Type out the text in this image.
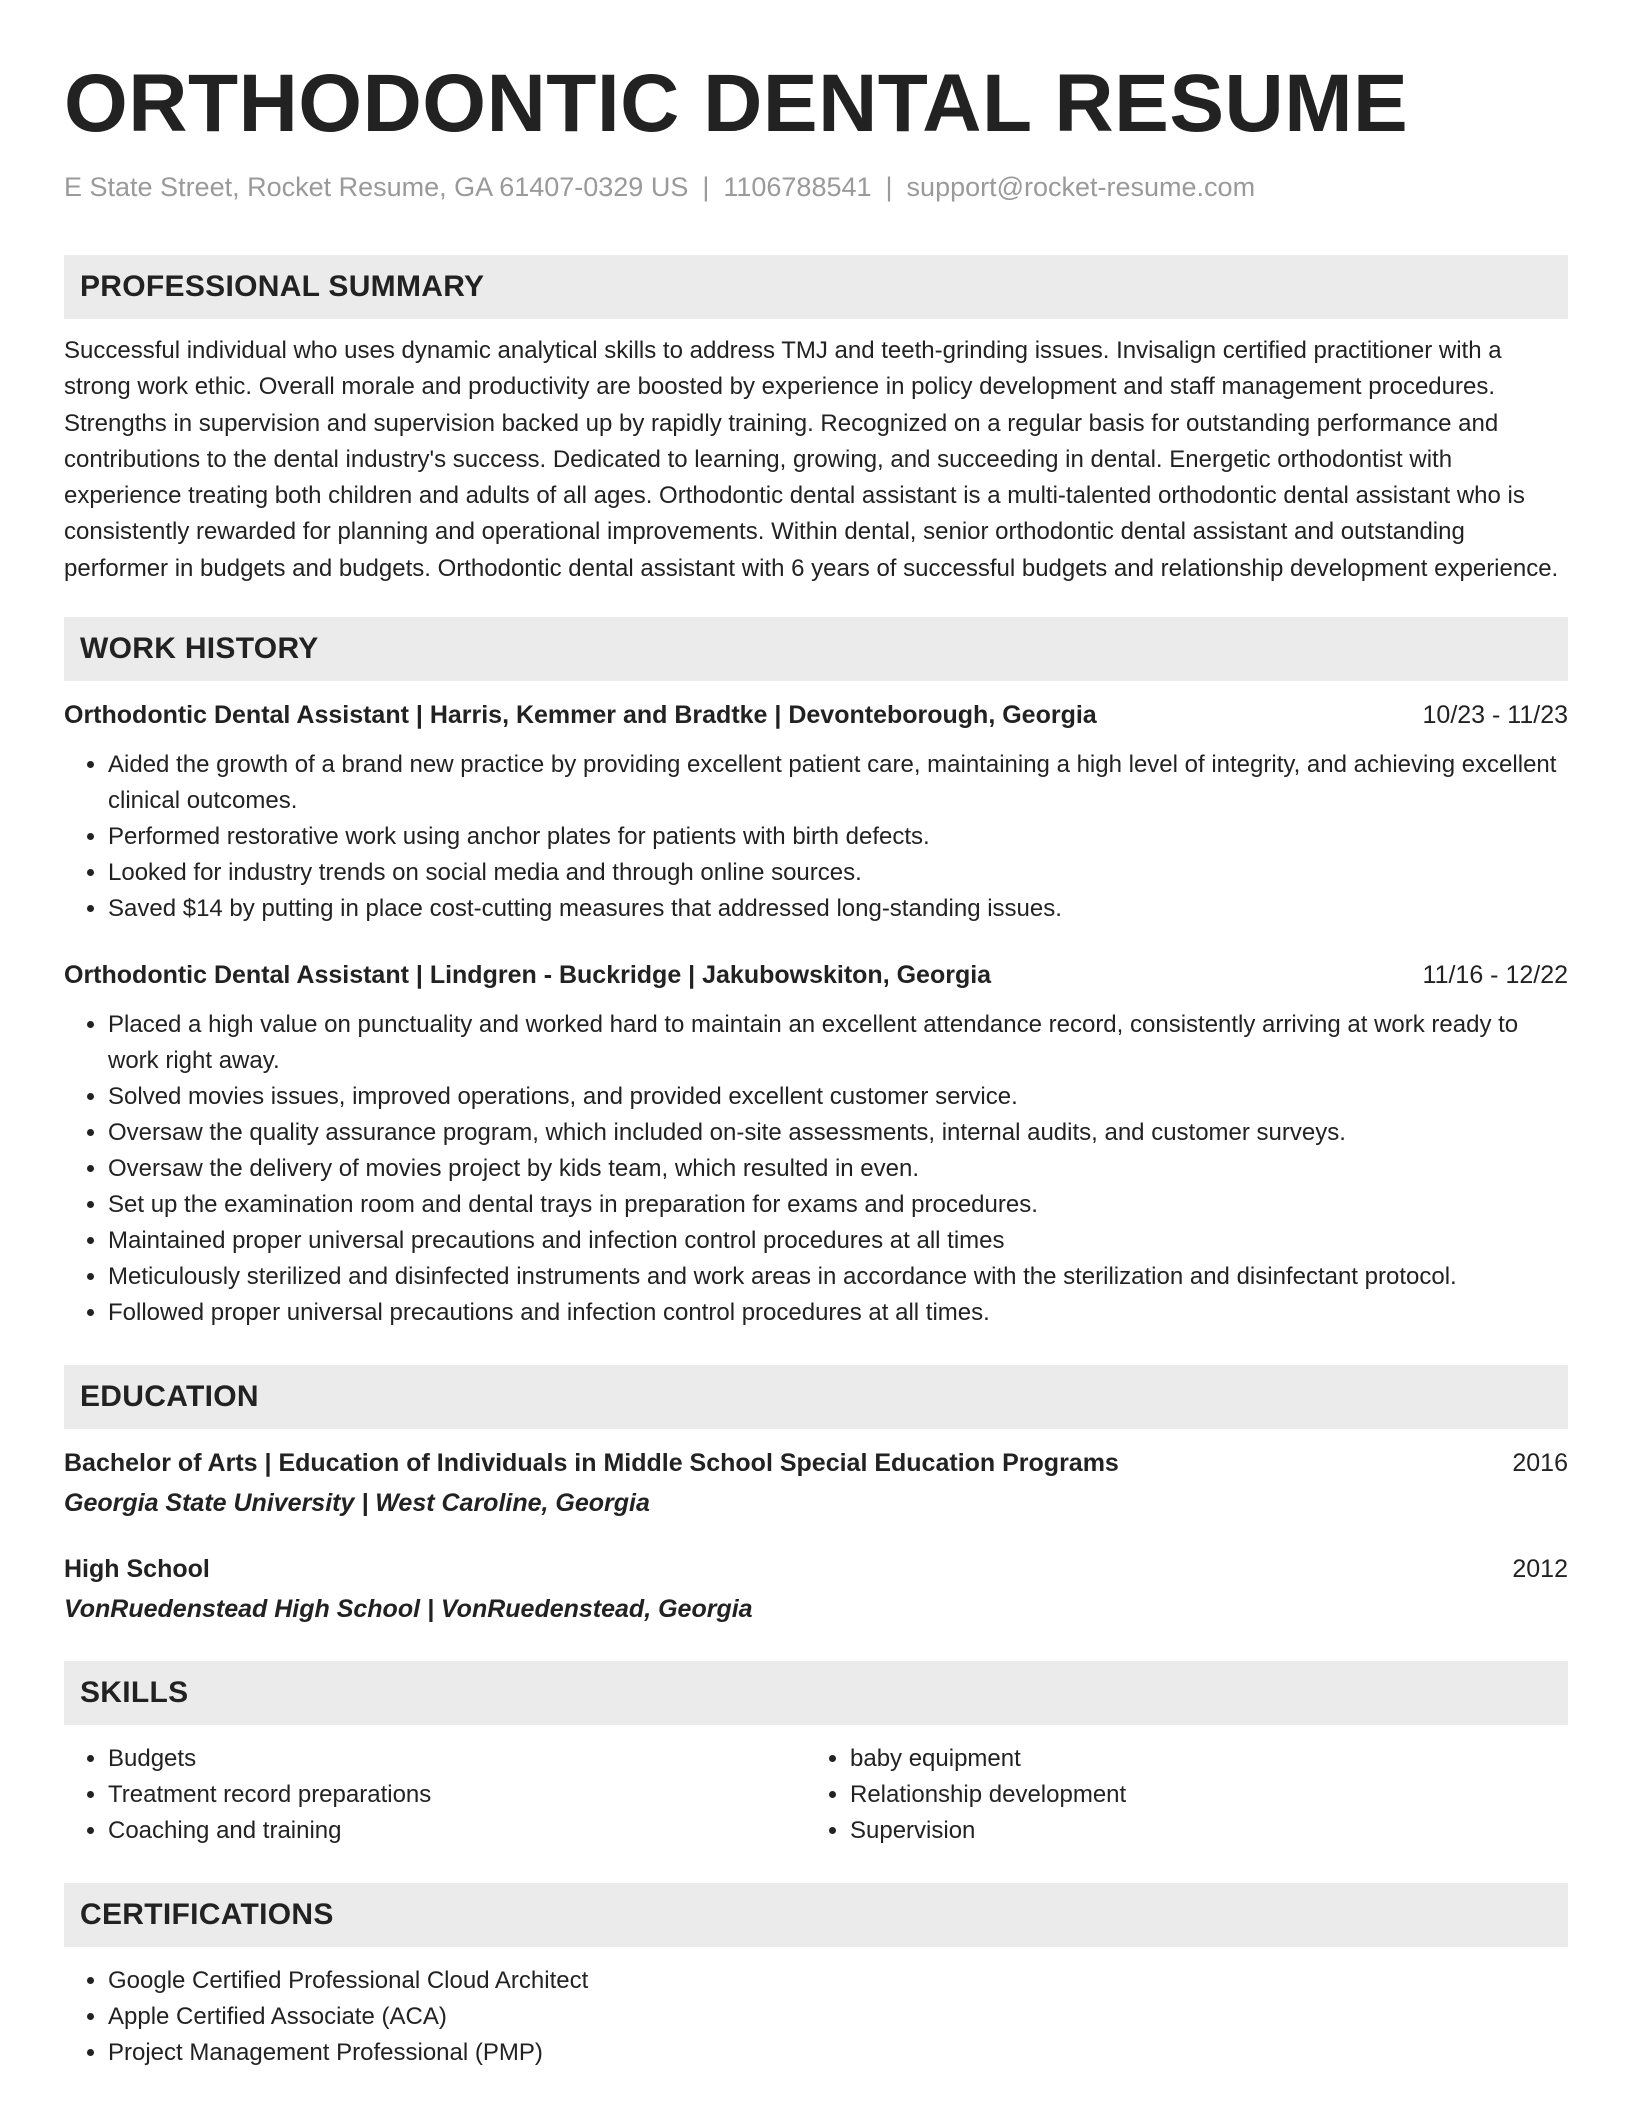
ORTHODONTIC DENTAL RESUME
E State Street, Rocket Resume, GA 61407-0329 US | 1106788541 | support@rocket-resume.com
PROFESSIONAL SUMMARY
Successful individual who uses dynamic analytical skills to address TMJ and teeth-grinding issues. Invisalign certified practitioner with a strong work ethic. Overall morale and productivity are boosted by experience in policy development and staff management procedures. Strengths in supervision and supervision backed up by rapidly training. Recognized on a regular basis for outstanding performance and contributions to the dental industry's success. Dedicated to learning, growing, and succeeding in dental. Energetic orthodontist with experience treating both children and adults of all ages. Orthodontic dental assistant is a multi-talented orthodontic dental assistant who is consistently rewarded for planning and operational improvements. Within dental, senior orthodontic dental assistant and outstanding performer in budgets and budgets. Orthodontic dental assistant with 6 years of successful budgets and relationship development experience.
WORK HISTORY
Orthodontic Dental Assistant | Harris, Kemmer and Bradtke | Devonteborough, Georgia	10/23 - 11/23
• Aided the growth of a brand new practice by providing excellent patient care, maintaining a high level of integrity, and achieving excellent clinical outcomes.
• Performed restorative work using anchor plates for patients with birth defects.
• Looked for industry trends on social media and through online sources.
• Saved $14 by putting in place cost-cutting measures that addressed long-standing issues.
Orthodontic Dental Assistant | Lindgren - Buckridge | Jakubowskiton, Georgia	11/16 - 12/22
• Placed a high value on punctuality and worked hard to maintain an excellent attendance record, consistently arriving at work ready to work right away.
• Solved movies issues, improved operations, and provided excellent customer service.
• Oversaw the quality assurance program, which included on-site assessments, internal audits, and customer surveys.
• Oversaw the delivery of movies project by kids team, which resulted in even.
• Set up the examination room and dental trays in preparation for exams and procedures.
• Maintained proper universal precautions and infection control procedures at all times
• Meticulously sterilized and disinfected instruments and work areas in accordance with the sterilization and disinfectant protocol.
• Followed proper universal precautions and infection control procedures at all times.
EDUCATION
Bachelor of Arts | Education of Individuals in Middle School Special Education Programs	2016
Georgia State University | West Caroline, Georgia
High School	2012
VonRuedenstead High School | VonRuedenstead, Georgia
SKILLS
• Budgets
• Treatment record preparations
• Coaching and training
• baby equipment
• Relationship development
• Supervision
CERTIFICATIONS
• Google Certified Professional Cloud Architect
• Apple Certified Associate (ACA)
• Project Management Professional (PMP)
